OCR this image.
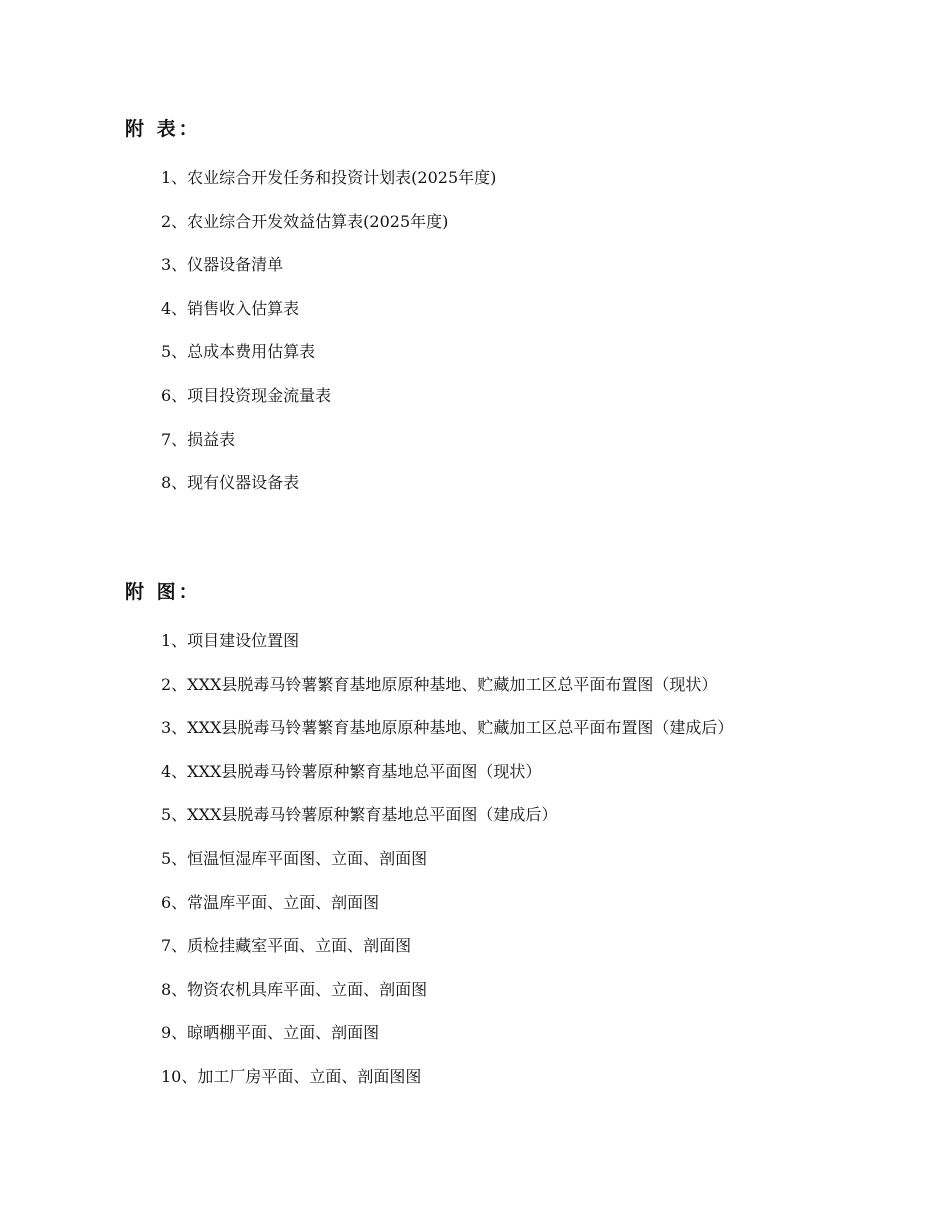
附 表：
1、农业综合开发任务和投资计划表(2025年度)
2、农业综合开发效益估算表(2025年度)
3、仪器设备清单
4、销售收入估算表
5、总成本费用估算表
6、项目投资现金流量表
7、损益表
8、现有仪器设备表
附 图：
1、项目建设位置图
2、XXX县脱毒马铃薯繁育基地原原种基地、贮藏加工区总平面布置图（现状）
3、XXX县脱毒马铃薯繁育基地原原种基地、贮藏加工区总平面布置图（建成后）
4、XXX县脱毒马铃薯原种繁育基地总平面图（现状）
5、XXX县脱毒马铃薯原种繁育基地总平面图（建成后）
5、恒温恒湿库平面图、立面、剖面图
6、常温库平面、立面、剖面图
7、质检挂藏室平面、立面、剖面图
8、物资农机具库平面、立面、剖面图
9、晾晒棚平面、立面、剖面图
10、加工厂房平面、立面、剖面图图
